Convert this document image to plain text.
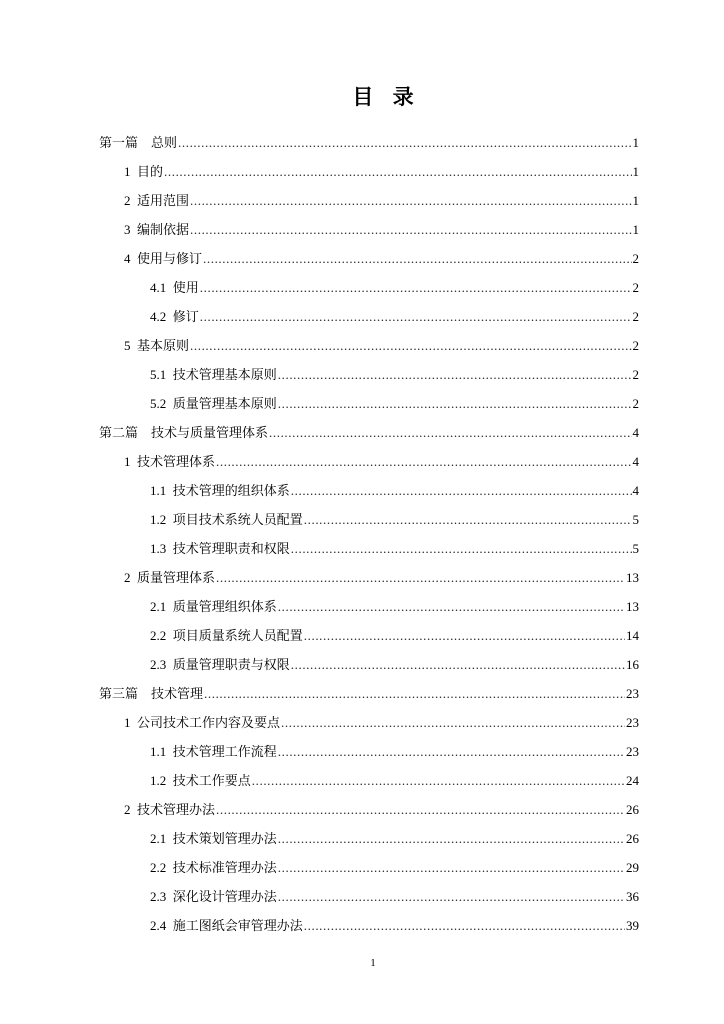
目 录
第一篇　 总则 .....	1
1 目的 .....	1
2 适用范围 .....	1
3 编制依据 .....	1
4 使用与修订 .....	2
4.1 使用 .....	2
4.2 修订 .....	2
5 基本原则 .....	2
5.1 技术管理基本原则 .....	2
5.2 质量管理基本原则 .....	2
第二篇　 技术与质量管理体系 .....	4
1 技术管理体系 .....	4
1.1 技术管理的组织体系 .....	4
1.2 项目技术系统人员配置 .....	5
1.3 技术管理职责和权限 .....	5
2 质量管理体系 .....	13
2.1 质量管理组织体系 .....	13
2.2 项目质量系统人员配置 .....	14
2.3 质量管理职责与权限 .....	16
第三篇　 技术管理 .....	23
1 公司技术工作内容及要点 .....	23
1.1 技术管理工作流程 .....	23
1.2 技术工作要点 .....	24
2 技术管理办法 .....	26
2.1 技术策划管理办法 .....	26
2.2 技术标准管理办法 .....	29
2.3 深化设计管理办法 .....	36
2.4 施工图纸会审管理办法 .....	39
1
